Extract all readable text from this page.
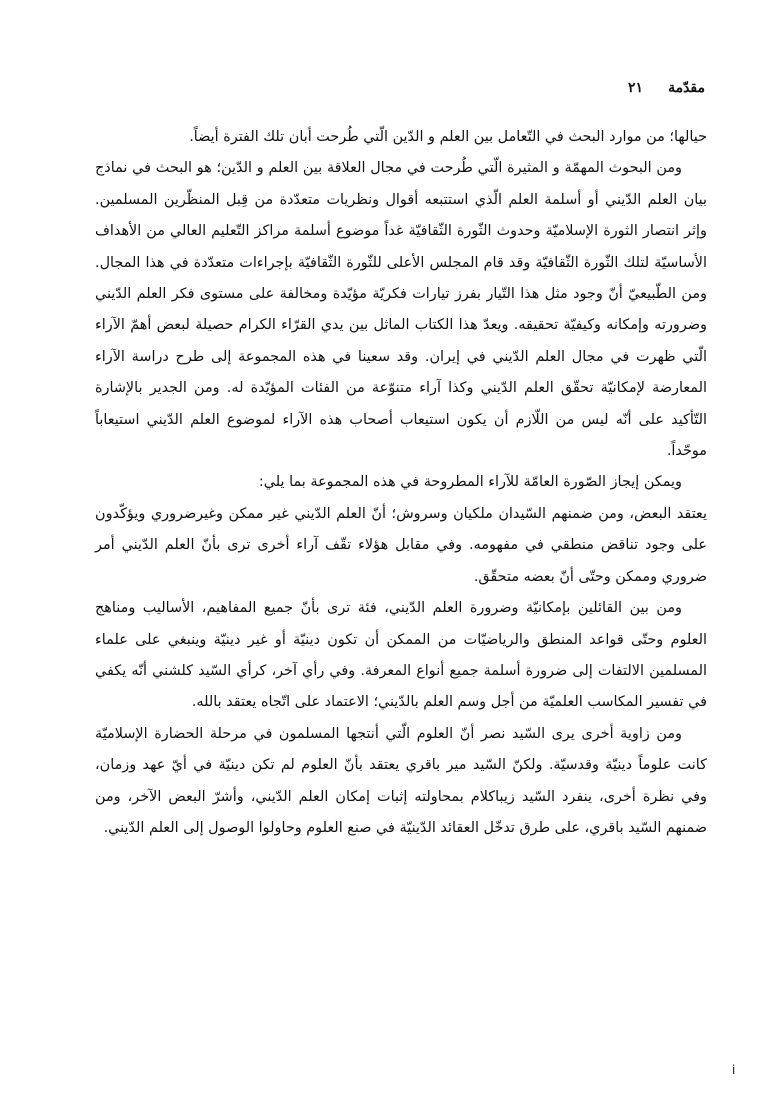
مقدّمة
٢١

حيالها؛ من موارد البحث في التّعامل بين العلم و الدّين الّتي طُرحت أبان تلك الفترة أيضاً.

ومن البحوث المهمّة و المثيرة الّتي طُرحت في مجال العلاقة بين العلم و الدّين؛ هو البحث في نماذج بيان العلم الدّيني أو أسلمة العلم الّذي استتبعه أقوال ونظريات متعدّدة من قِبل المنظّرين المسلمين. وإثر انتصار الثورة الإسلاميّة وحدوث الثّورة الثّقافيّة غداً موضوع أسلمة مراكز التّعليم العالي من الأهداف الأساسيّة لتلك الثّورة الثّقافيّة وقد قام المجلس الأعلى للثّورة الثّقافيّة بإجراءات متعدّدة في هذا المجال. ومن الطّبيعيّ أنّ وجود مثل هذا التّيار بفرز تيارات فكريّة مؤيّدة ومخالفة على مستوى فكر العلم الدّيني وضرورته وإمكانه وكيفيّة تحقيقه. ويعدّ هذا الكتاب الماثل بين يدي القرّاء الكرام حصيلة لبعض أهمّ الآراء الّتي ظهرت في مجال العلم الدّيني في إيران. وقد سعينا في هذه المجموعة إلى طرح دراسة الآراء المعارضة لإمكانيّة تحقّق العلم الدّيني وكذا آراء متنوّعة من الفئات المؤيّدة له. ومن الجدير بالإشارة التّأكيد على أنّه ليس من اللّازم أن يكون استيعاب أصحاب هذه الآراء لموضوع العلم الدّيني استيعاباً موحّداً.

ويمكن إيجاز الصّورة العامّة للآراء المطروحة في هذه المجموعة بما يلي:

يعتقد البعض، ومن ضمنهم السّيدان ملكيان وسروش؛ أنّ العلم الدّيني غير ممكن وغيرضروري ويؤكّدون على وجود تناقض منطقي في مفهومه. وفي مقابل هؤلاء تقّف آراء أخرى ترى بأنّ العلم الدّيني أمر ضروري وممكن وحتّى أنّ بعضه متحقّق.

ومن بين القائلين بإمكانيّة وضرورة العلم الدّيني، فئة ترى بأنّ جميع المفاهيم، الأساليب ومناهج العلوم وحتّى قواعد المنطق والرياضيّات من الممكن أن تكون دينيّة أو غير دينيّة وينبغي على علماء المسلمين الالتفات إلى ضرورة أسلمة جميع أنواع المعرفة. وفي رأي آخر، كرأي السّيد كلشني أنّه يكفي في تفسير المكاسب العلميّة من أجل وسم العلم بالدّيني؛ الاعتماد على اتّجاه يعتقد بالله.

ومن زاوية أخرى يرى السّيد نصر أنّ العلوم الّتي أنتجها المسلمون في مرحلة الحضارة الإسلاميّة كانت علوماً دينيّة وقدسيّة. ولكنّ السّيد مير باقري يعتقد بأنّ العلوم لم تكن دينيّة في أيّ عهد وزمان، وفي نظرة أخرى، ينفرد السّيد زيباكلام بمحاولته إثبات إمكان العلم الدّيني، وأشرّ البعض الآخر، ومن ضمنهم السّيد باقري، على طرق تدخّل العقائد الدّينيّة في صنع العلوم وحاولوا الوصول إلى العلم الدّيني.

i
